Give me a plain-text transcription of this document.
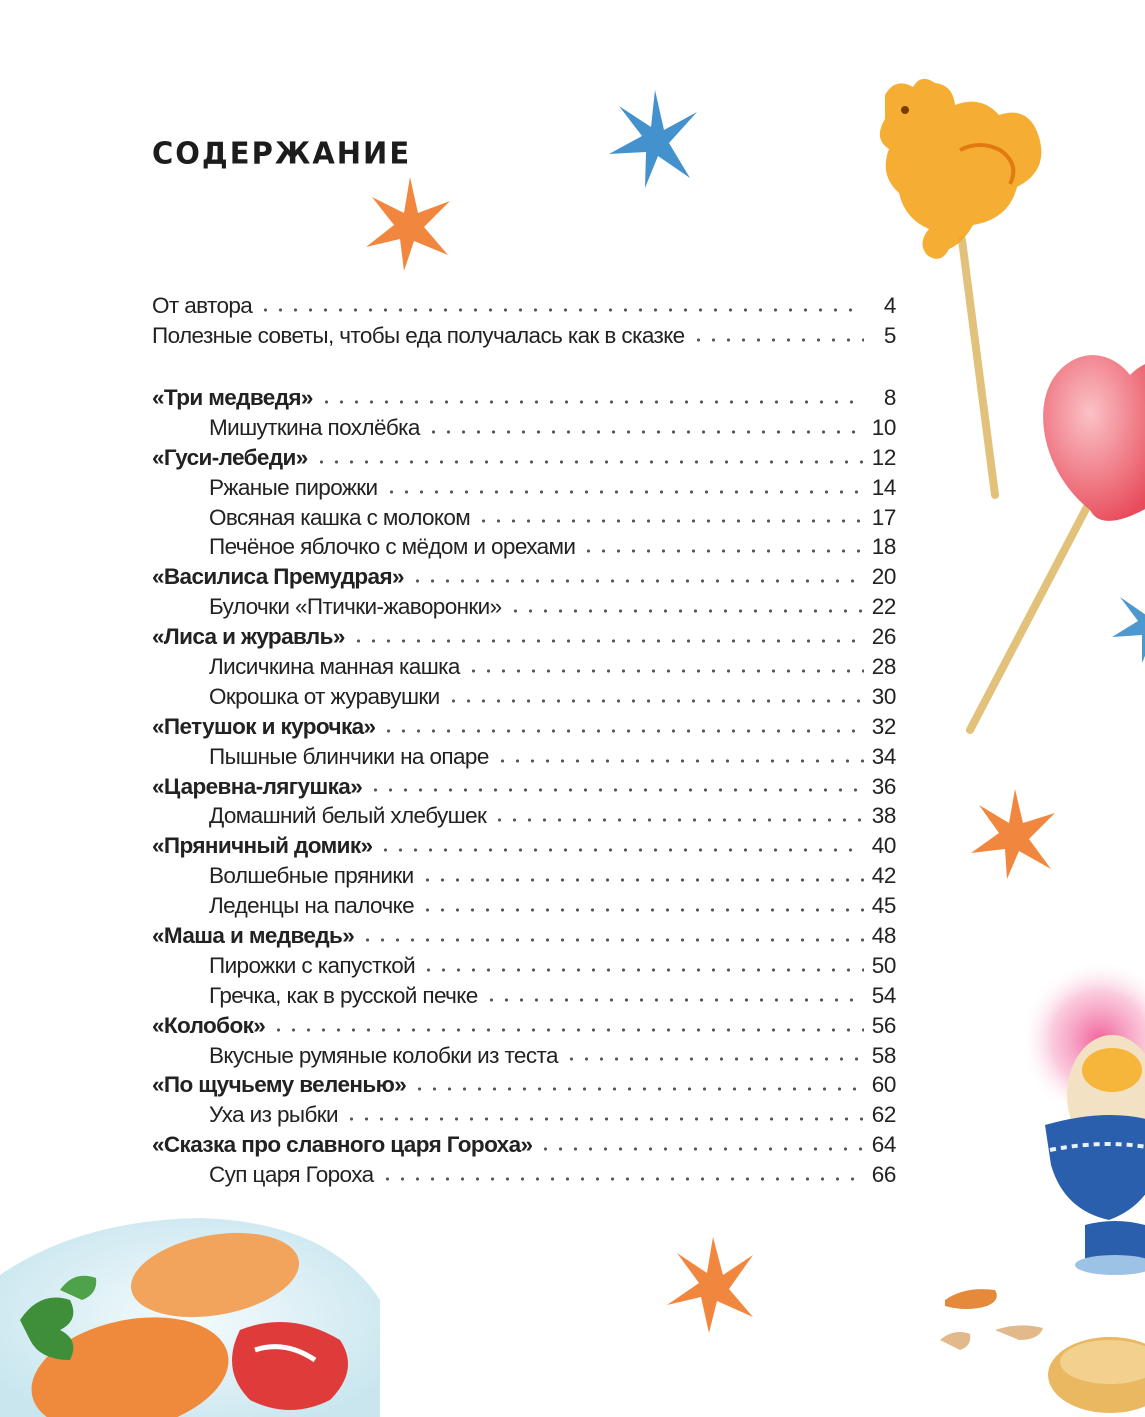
СОДЕРЖАНИЕ
От автора	4
Полезные советы, чтобы еда получалась как в сказке	5
«Три медведя»	8
Мишуткина похлёбка	10
«Гуси-лебеди»	12
Ржаные пирожки	14
Овсяная кашка с молоком	17
Печёное яблочко с мёдом и орехами	18
«Василиса Премудрая»	20
Булочки «Птички-жаворонки»	22
«Лиса и журавль»	26
Лисичкина манная кашка	28
Окрошка от журавушки	30
«Петушок и курочка»	32
Пышные блинчики на опаре	34
«Царевна-лягушка»	36
Домашний белый хлебушек	38
«Пряничный домик»	40
Волшебные пряники	42
Леденцы на палочке	45
«Маша и медведь»	48
Пирожки с капусткой	50
Гречка, как в русской печке	54
«Колобок»	56
Вкусные румяные колобки из теста	58
«По щучьему веленью»	60
Уха из рыбки	62
«Сказка про славного царя Гороха»	64
Суп царя Гороха	66
